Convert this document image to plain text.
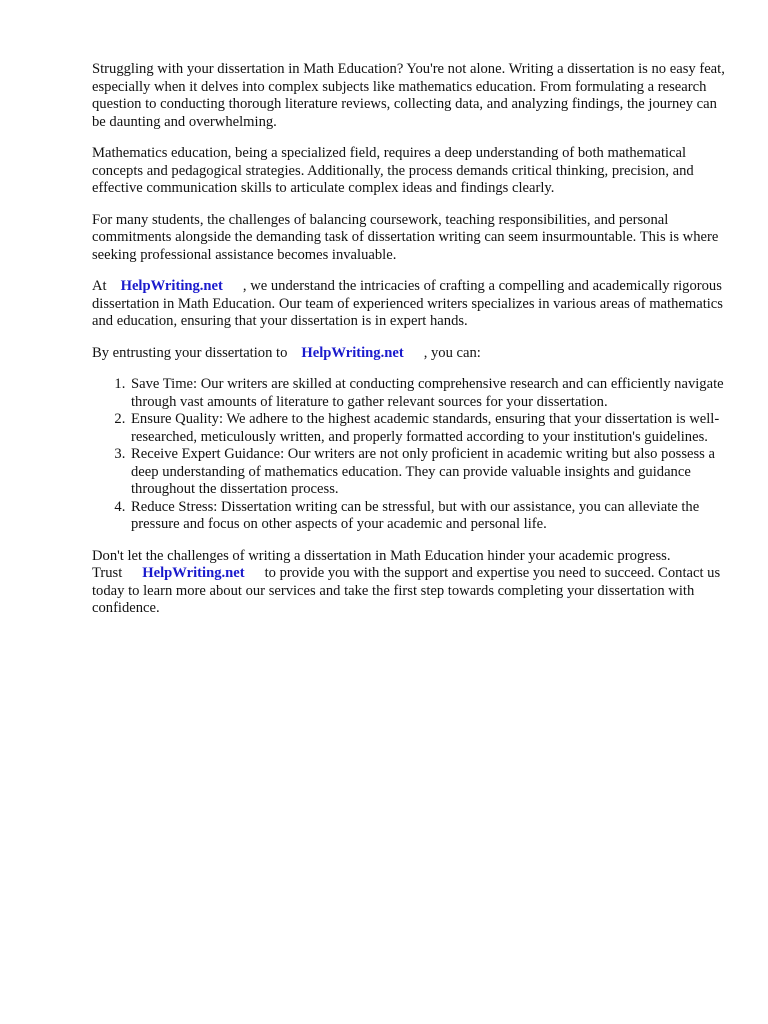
Struggling with your dissertation in Math Education? You're not alone. Writing a dissertation is no easy feat, especially when it delves into complex subjects like mathematics education. From formulating a research question to conducting thorough literature reviews, collecting data, and analyzing findings, the journey can be daunting and overwhelming.

Mathematics education, being a specialized field, requires a deep understanding of both mathematical concepts and pedagogical strategies. Additionally, the process demands critical thinking, precision, and effective communication skills to articulate complex ideas and findings clearly.

For many students, the challenges of balancing coursework, teaching responsibilities, and personal commitments alongside the demanding task of dissertation writing can seem insurmountable. This is where seeking professional assistance becomes invaluable.

At HelpWriting.net , we understand the intricacies of crafting a compelling and academically rigorous dissertation in Math Education. Our team of experienced writers specializes in various areas of mathematics and education, ensuring that your dissertation is in expert hands.

By entrusting your dissertation to HelpWriting.net , you can:

1. Save Time: Our writers are skilled at conducting comprehensive research and can efficiently navigate through vast amounts of literature to gather relevant sources for your dissertation.
2. Ensure Quality: We adhere to the highest academic standards, ensuring that your dissertation is well-researched, meticulously written, and properly formatted according to your institution's guidelines.
3. Receive Expert Guidance: Our writers are not only proficient in academic writing but also possess a deep understanding of mathematics education. They can provide valuable insights and guidance throughout the dissertation process.
4. Reduce Stress: Dissertation writing can be stressful, but with our assistance, you can alleviate the pressure and focus on other aspects of your academic and personal life.

Don't let the challenges of writing a dissertation in Math Education hinder your academic progress. Trust HelpWriting.net to provide you with the support and expertise you need to succeed. Contact us today to learn more about our services and take the first step towards completing your dissertation with confidence.
